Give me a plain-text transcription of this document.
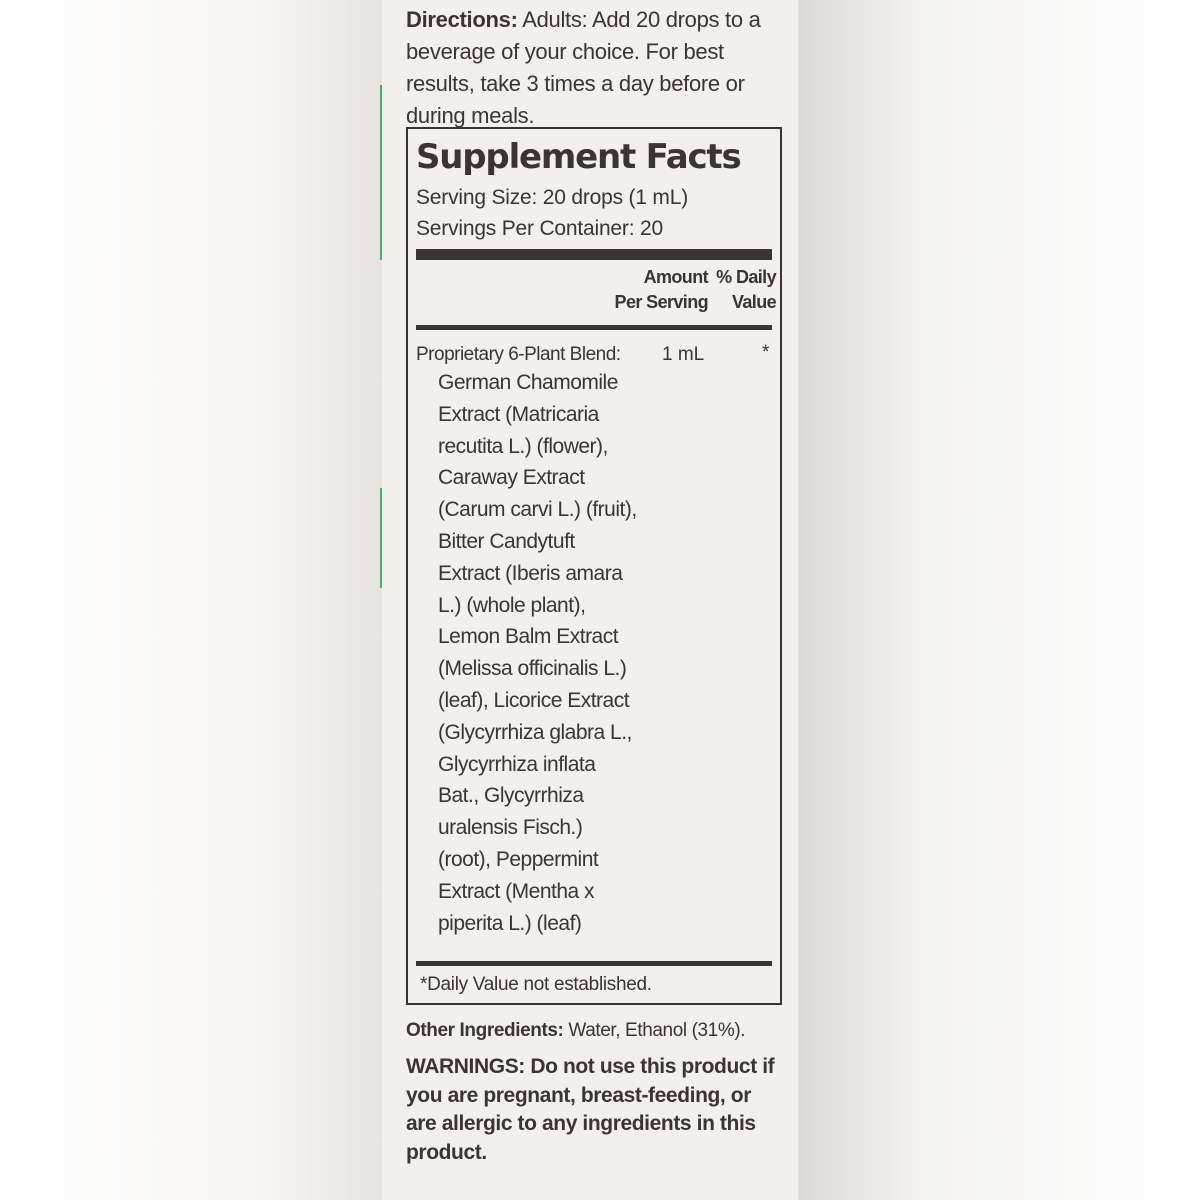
Directions: Adults: Add 20 drops to a beverage of your choice. For best results, take 3 times a day before or during meals.

Supplement Facts
Serving Size: 20 drops (1 mL)
Servings Per Container: 20
Amount
Per Serving
% Daily
Value
Proprietary 6-Plant Blend: 1 mL	*
German Chamomile
Extract (Matricaria
recutita L.) (flower),
Caraway Extract
(Carum carvi L.) (fruit),
Bitter Candytuft
Extract (Iberis amara
L.) (whole plant),
Lemon Balm Extract
(Melissa officinalis L.)
(leaf), Licorice Extract
(Glycyrrhiza glabra L.,
Glycyrrhiza inflata
Bat., Glycyrrhiza
uralensis Fisch.)
(root), Peppermint
Extract (Mentha x
piperita L.) (leaf)
*Daily Value not established.
Other Ingredients: Water, Ethanol (31%).

WARNINGS: Do not use this product if you are pregnant, breast-feeding, or are allergic to any ingredients in this product.
